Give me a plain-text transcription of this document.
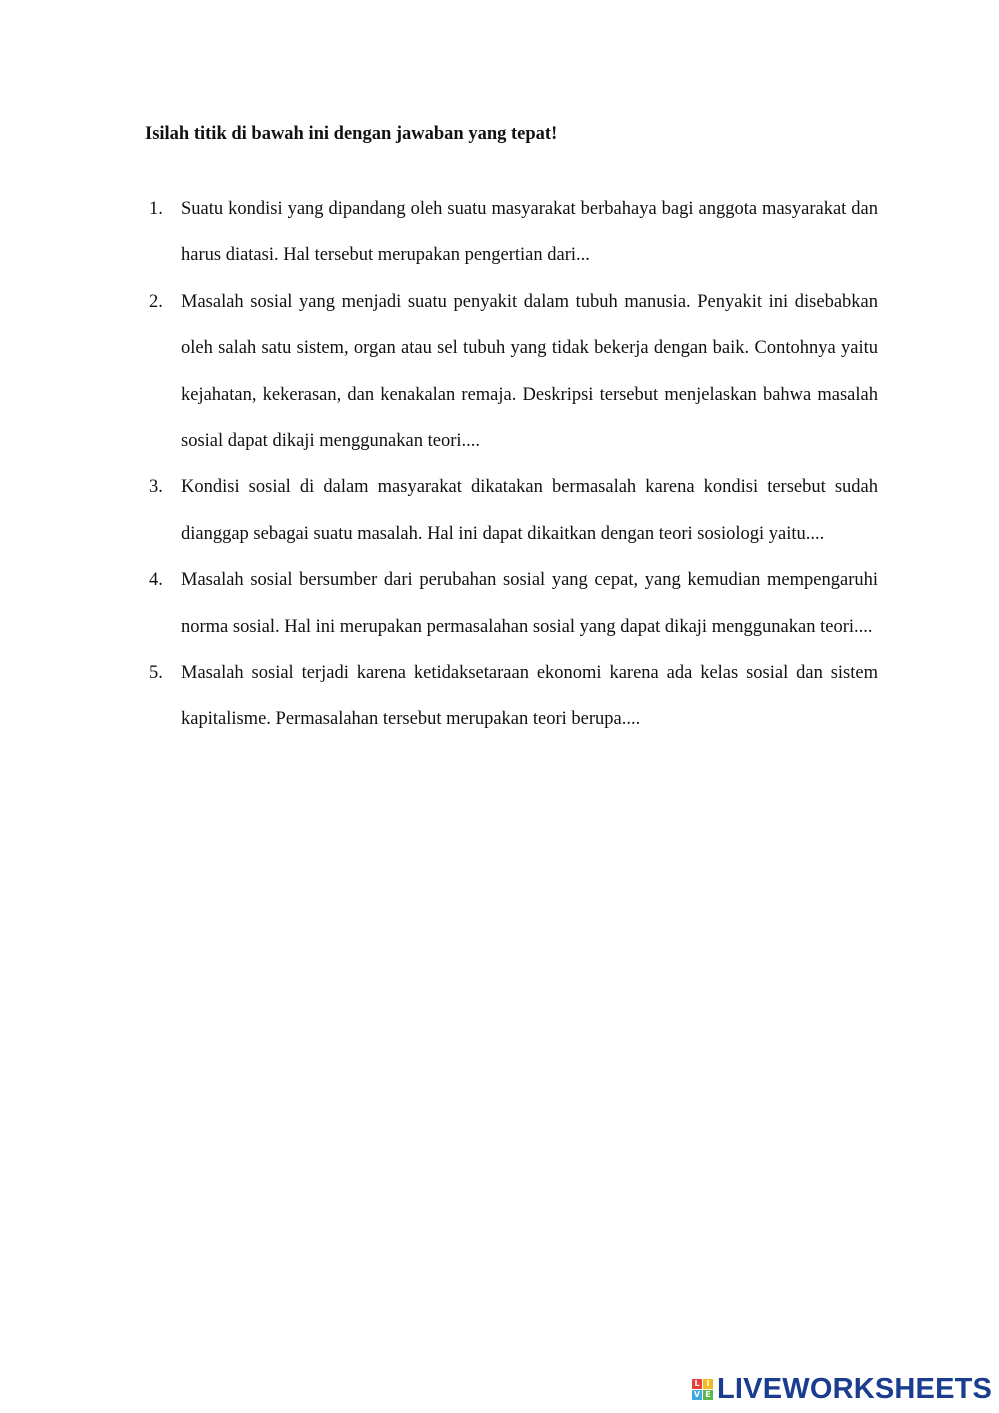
Isilah titik di bawah ini dengan jawaban yang tepat!

1. Suatu kondisi yang dipandang oleh suatu masyarakat berbahaya bagi anggota masyarakat dan harus diatasi. Hal tersebut merupakan pengertian dari...
2. Masalah sosial yang menjadi suatu penyakit dalam tubuh manusia. Penyakit ini disebabkan oleh salah satu sistem, organ atau sel tubuh yang tidak bekerja dengan baik. Contohnya yaitu kejahatan, kekerasan, dan kenakalan remaja. Deskripsi tersebut menjelaskan bahwa masalah sosial dapat dikaji menggunakan teori....
3. Kondisi sosial di dalam masyarakat dikatakan bermasalah karena kondisi tersebut sudah dianggap sebagai suatu masalah. Hal ini dapat dikaitkan dengan teori sosiologi yaitu....
4. Masalah sosial bersumber dari perubahan sosial yang cepat, yang kemudian mempengaruhi norma sosial. Hal ini merupakan permasalahan sosial yang dapat dikaji menggunakan teori....
5. Masalah sosial terjadi karena ketidaksetaraan ekonomi karena ada kelas sosial dan sistem kapitalisme. Permasalahan tersebut merupakan teori berupa....
L I
V E LIVEWORKSHEETS
